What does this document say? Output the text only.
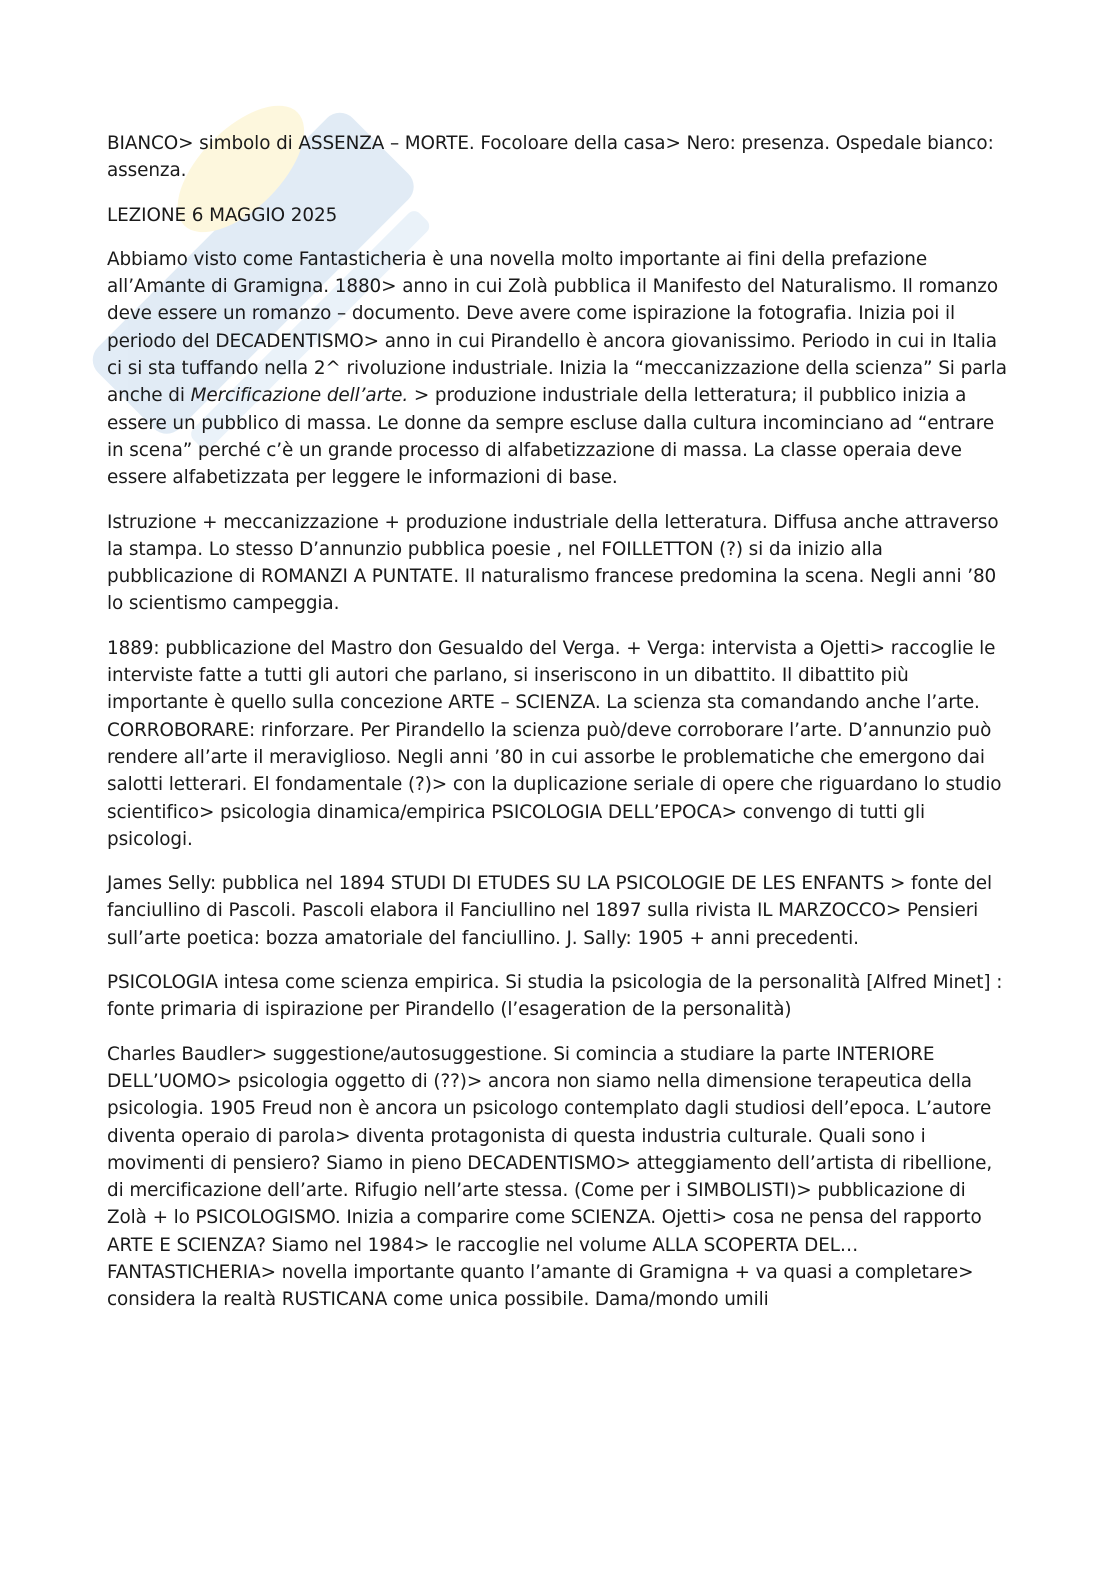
BIANCO> simbolo di ASSENZA – MORTE. Focoloare della casa> Nero: presenza. Ospedale bianco: assenza.

LEZIONE 6 MAGGIO 2025

Abbiamo visto come Fantasticheria è una novella molto importante ai fini della prefazione all’Amante di Gramigna. 1880> anno in cui Zolà pubblica il Manifesto del Naturalismo. Il romanzo deve essere un romanzo – documento. Deve avere come ispirazione la fotografia. Inizia poi il periodo del DECADENTISMO> anno in cui Pirandello è ancora giovanissimo. Periodo in cui in Italia ci si sta tuffando nella 2^ rivoluzione industriale. Inizia la “meccanizzazione della scienza” Si parla anche di Mercificazione dell’arte. > produzione industriale della letteratura; il pubblico inizia a essere un pubblico di massa. Le donne da sempre escluse dalla cultura incominciano ad “entrare in scena” perché c’è un grande processo di alfabetizzazione di massa. La classe operaia deve essere alfabetizzata per leggere le informazioni di base.

Istruzione + meccanizzazione + produzione industriale della letteratura. Diffusa anche attraverso la stampa. Lo stesso D’annunzio pubblica poesie , nel FOILLETTON (?) si da inizio alla pubblicazione di ROMANZI A PUNTATE. Il naturalismo francese predomina la scena. Negli anni ’80 lo scientismo campeggia.

1889: pubblicazione del Mastro don Gesualdo del Verga. + Verga: intervista a Ojetti> raccoglie le interviste fatte a tutti gli autori che parlano, si inseriscono in un dibattito. Il dibattito più importante è quello sulla concezione ARTE – SCIENZA. La scienza sta comandando anche l’arte. CORROBORARE: rinforzare. Per Pirandello la scienza può/deve corroborare l’arte. D’annunzio può rendere all’arte il meraviglioso. Negli anni ’80 in cui assorbe le problematiche che emergono dai salotti letterari. El fondamentale (?)> con la duplicazione seriale di opere che riguardano lo studio scientifico> psicologia dinamica/empirica PSICOLOGIA DELL’EPOCA> convengo di tutti gli psicologi.

James Selly: pubblica nel 1894 STUDI DI ETUDES SU LA PSICOLOGIE DE LES ENFANTS > fonte del fanciullino di Pascoli. Pascoli elabora il Fanciullino nel 1897 sulla rivista IL MARZOCCO> Pensieri sull’arte poetica: bozza amatoriale del fanciullino. J. Sally: 1905 + anni precedenti.

PSICOLOGIA intesa come scienza empirica. Si studia la psicologia de la personalità [Alfred Minet] : fonte primaria di ispirazione per Pirandello (l’esageration de la personalità)

Charles Baudler> suggestione/autosuggestione. Si comincia a studiare la parte INTERIORE DELL’UOMO> psicologia oggetto di (??)> ancora non siamo nella dimensione terapeutica della psicologia. 1905 Freud non è ancora un psicologo contemplato dagli studiosi dell’epoca. L’autore diventa operaio di parola> diventa protagonista di questa industria culturale. Quali sono i movimenti di pensiero? Siamo in pieno DECADENTISMO> atteggiamento dell’artista di ribellione, di mercificazione dell’arte. Rifugio nell’arte stessa. (Come per i SIMBOLISTI)> pubblicazione di Zolà + lo PSICOLOGISMO. Inizia a comparire come SCIENZA. Ojetti> cosa ne pensa del rapporto ARTE E SCIENZA? Siamo nel 1984> le raccoglie nel volume ALLA SCOPERTA DEL… FANTASTICHERIA> novella importante quanto l’amante di Gramigna + va quasi a completare> considera la realtà RUSTICANA come unica possibile. Dama/mondo umili
